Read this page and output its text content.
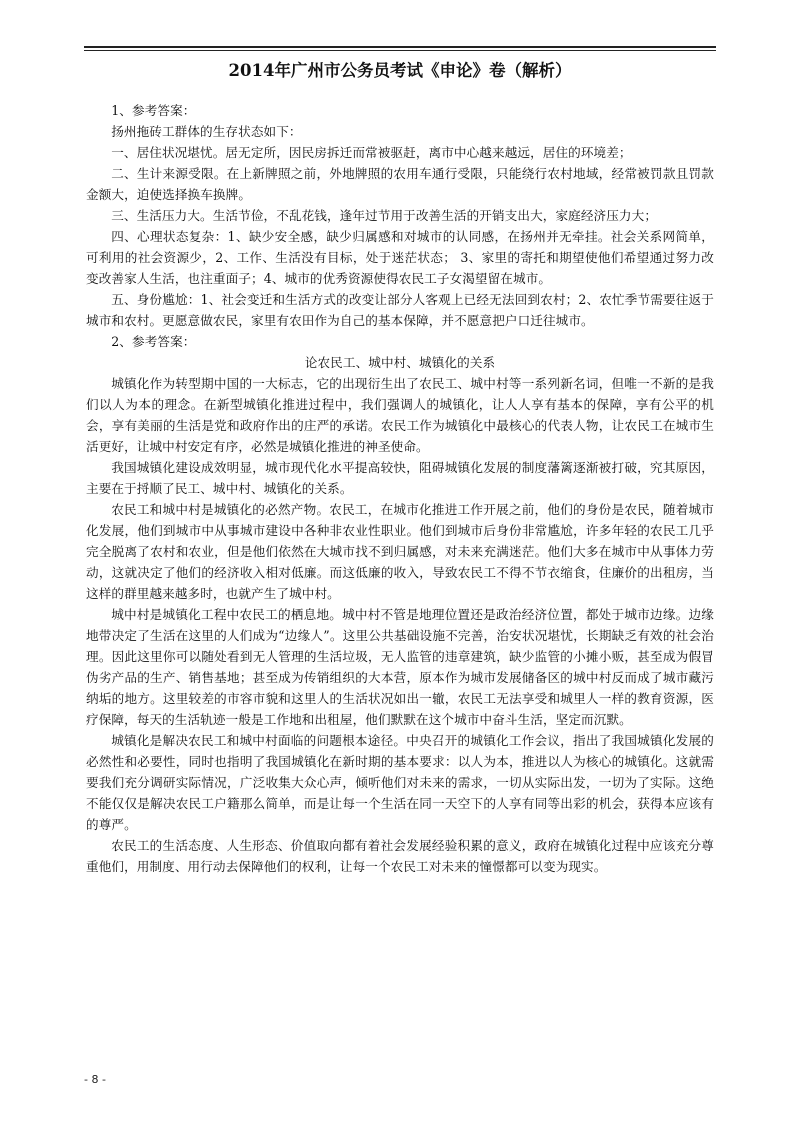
2014年广州市公务员考试《申论》卷（解析）

1、参考答案：

扬州拖砖工群体的生存状态如下：

一、居住状况堪忧。居无定所，因民房拆迁而常被驱赶，离市中心越来越远，居住的环境差；

二、生计来源受限。在上新牌照之前，外地牌照的农用车通行受限，只能绕行农村地域，经常被罚款且罚款金额大，迫使选择换车换牌。

三、生活压力大。生活节俭，不乱花钱，逢年过节用于改善生活的开销支出大，家庭经济压力大；

四、心理状态复杂：1、缺少安全感，缺少归属感和对城市的认同感，在扬州并无牵挂。社会关系网简单，可利用的社会资源少，2、工作、生活没有目标，处于迷茫状态； 3、家里的寄托和期望使他们希望通过努力改变改善家人生活，也注重面子；4、城市的优秀资源使得农民工子女渴望留在城市。

五、身份尴尬：1、社会变迁和生活方式的改变让部分人客观上已经无法回到农村；2、农忙季节需要往返于城市和农村。更愿意做农民，家里有农田作为自己的基本保障，并不愿意把户口迁往城市。

2、参考答案：

论农民工、城中村、城镇化的关系

城镇化作为转型期中国的一大标志，它的出现衍生出了农民工、城中村等一系列新名词，但唯一不新的是我们以人为本的理念。在新型城镇化推进过程中，我们强调人的城镇化，让人人享有基本的保障，享有公平的机会，享有美丽的生活是党和政府作出的庄严的承诺。农民工作为城镇化中最核心的代表人物，让农民工在城市生活更好，让城中村安定有序，必然是城镇化推进的神圣使命。

我国城镇化建设成效明显，城市现代化水平提高较快，阻碍城镇化发展的制度藩篱逐渐被打破，究其原因，主要在于捋顺了民工、城中村、城镇化的关系。

农民工和城中村是城镇化的必然产物。农民工，在城市化推进工作开展之前，他们的身份是农民，随着城市化发展，他们到城市中从事城市建设中各种非农业性职业。他们到城市后身份非常尴尬，许多年轻的农民工几乎完全脱离了农村和农业，但是他们依然在大城市找不到归属感，对未来充满迷茫。他们大多在城市中从事体力劳动，这就决定了他们的经济收入相对低廉。而这低廉的收入，导致农民工不得不节衣缩食，住廉价的出租房，当这样的群里越来越多时，也就产生了城中村。

城中村是城镇化工程中农民工的栖息地。城中村不管是地理位置还是政治经济位置，都处于城市边缘。边缘地带决定了生活在这里的人们成为“边缘人”。这里公共基础设施不完善，治安状况堪忧，长期缺乏有效的社会治理。因此这里你可以随处看到无人管理的生活垃圾，无人监管的违章建筑，缺少监管的小摊小贩，甚至成为假冒伪劣产品的生产、销售基地；甚至成为传销组织的大本营，原本作为城市发展储备区的城中村反而成了城市藏污纳垢的地方。这里较差的市容市貌和这里人的生活状况如出一辙，农民工无法享受和城里人一样的教育资源，医疗保障，每天的生活轨迹一般是工作地和出租屋，他们默默在这个城市中奋斗生活，坚定而沉默。

城镇化是解决农民工和城中村面临的问题根本途径。中央召开的城镇化工作会议，指出了我国城镇化发展的必然性和必要性，同时也指明了我国城镇化在新时期的基本要求：以人为本，推进以人为核心的城镇化。这就需要我们充分调研实际情况，广泛收集大众心声，倾听他们对未来的需求，一切从实际出发，一切为了实际。这绝不能仅仅是解决农民工户籍那么简单，而是让每一个生活在同一天空下的人享有同等出彩的机会，获得本应该有的尊严。

农民工的生活态度、人生形态、价值取向都有着社会发展经验积累的意义，政府在城镇化过程中应该充分尊重他们，用制度、用行动去保障他们的权利，让每一个农民工对未来的憧憬都可以变为现实。

- 8 -
